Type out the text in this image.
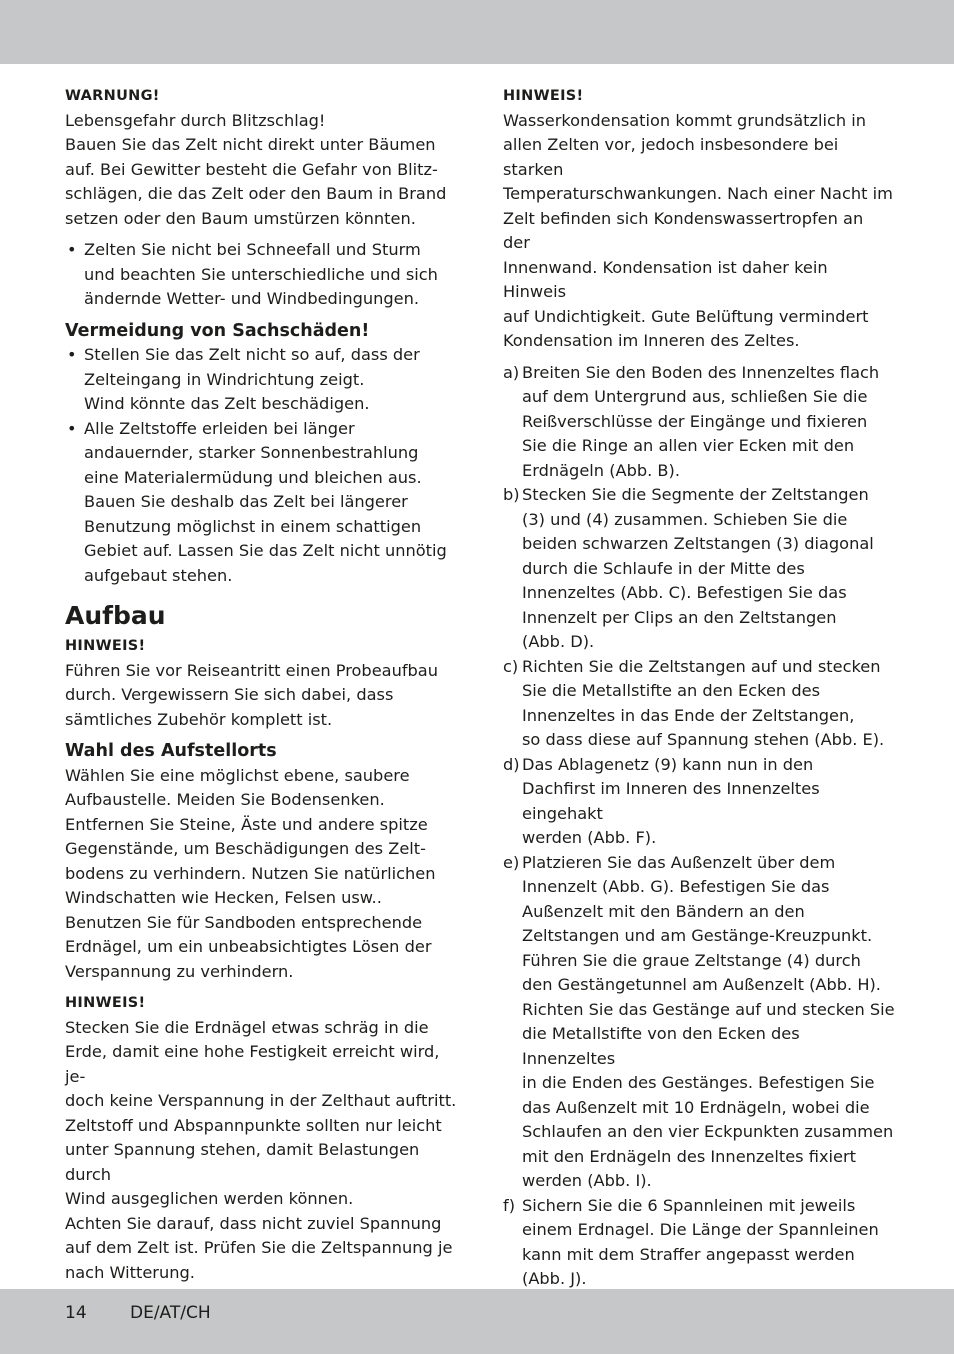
WARNUNG!
Lebensgefahr durch Blitzschlag!
Bauen Sie das Zelt nicht direkt unter Bäumen
auf. Bei Gewitter besteht die Gefahr von Blitz-
schlägen, die das Zelt oder den Baum in Brand
setzen oder den Baum umstürzen könnten.
• Zelten Sie nicht bei Schneefall und Sturm
und beachten Sie unterschiedliche und sich
ändernde Wetter- und Windbedingungen.
Vermeidung von Sachschäden!
• Stellen Sie das Zelt nicht so auf, dass der
Zelteingang in Windrichtung zeigt.
Wind könnte das Zelt beschädigen.
• Alle Zeltstoffe erleiden bei länger
andauernder, starker Sonnenbestrahlung
eine Materialermüdung und bleichen aus.
Bauen Sie deshalb das Zelt bei längerer
Benutzung möglichst in einem schattigen
Gebiet auf. Lassen Sie das Zelt nicht unnötig
aufgebaut stehen.
Aufbau
HINWEIS!
Führen Sie vor Reiseantritt einen Probeaufbau
durch. Vergewissern Sie sich dabei, dass
sämtliches Zubehör komplett ist.
Wahl des Aufstellorts
Wählen Sie eine möglichst ebene, saubere
Aufbaustelle. Meiden Sie Bodensenken.
Entfernen Sie Steine, Äste und andere spitze
Gegenstände, um Beschädigungen des Zelt-
bodens zu verhindern. Nutzen Sie natürlichen
Windschatten wie Hecken, Felsen usw..
Benutzen Sie für Sandboden entsprechende
Erdnägel, um ein unbeabsichtigtes Lösen der
Verspannung zu verhindern.
HINWEIS!
Stecken Sie die Erdnägel etwas schräg in die
Erde, damit eine hohe Festigkeit erreicht wird, je-
doch keine Verspannung in der Zelthaut auftritt.
Zeltstoff und Abspannpunkte sollten nur leicht
unter Spannung stehen, damit Belastungen durch
Wind ausgeglichen werden können.
Achten Sie darauf, dass nicht zuviel Spannung
auf dem Zelt ist. Prüfen Sie die Zeltspannung je
nach Witterung.
HINWEIS!
Wasserkondensation kommt grundsätzlich in
allen Zelten vor, jedoch insbesondere bei starken
Temperaturschwankungen. Nach einer Nacht im
Zelt befinden sich Kondenswassertropfen an der
Innenwand. Kondensation ist daher kein Hinweis
auf Undichtigkeit. Gute Belüftung vermindert
Kondensation im Inneren des Zeltes.
a) Breiten Sie den Boden des Innenzeltes flach
auf dem Untergrund aus, schließen Sie die
Reißverschlüsse der Eingänge und fixieren
Sie die Ringe an allen vier Ecken mit den
Erdnägeln (Abb. B).
b) Stecken Sie die Segmente der Zeltstangen
(3) und (4) zusammen. Schieben Sie die
beiden schwarzen Zeltstangen (3) diagonal
durch die Schlaufe in der Mitte des
Innenzeltes (Abb. C). Befestigen Sie das
Innenzelt per Clips an den Zeltstangen
(Abb. D).
c) Richten Sie die Zeltstangen auf und stecken
Sie die Metallstifte an den Ecken des
Innenzeltes in das Ende der Zeltstangen,
so dass diese auf Spannung stehen (Abb. E).
d) Das Ablagenetz (9) kann nun in den
Dachfirst im Inneren des Innenzeltes eingehakt
werden (Abb. F).
e) Platzieren Sie das Außenzelt über dem
Innenzelt (Abb. G). Befestigen Sie das
Außenzelt mit den Bändern an den
Zeltstangen und am Gestänge-Kreuzpunkt.
Führen Sie die graue Zeltstange (4) durch
den Gestängetunnel am Außenzelt (Abb. H).
Richten Sie das Gestänge auf und stecken Sie
die Metallstifte von den Ecken des Innenzeltes
in die Enden des Gestänges. Befestigen Sie
das Außenzelt mit 10 Erdnägeln, wobei die
Schlaufen an den vier Eckpunkten zusammen
mit den Erdnägeln des Innenzeltes fixiert
werden (Abb. I).
f) Sichern Sie die 6 Spannleinen mit jeweils
einem Erdnagel. Die Länge der Spannleinen
kann mit dem Straffer angepasst werden
(Abb. J).
14	DE/AT/CH
